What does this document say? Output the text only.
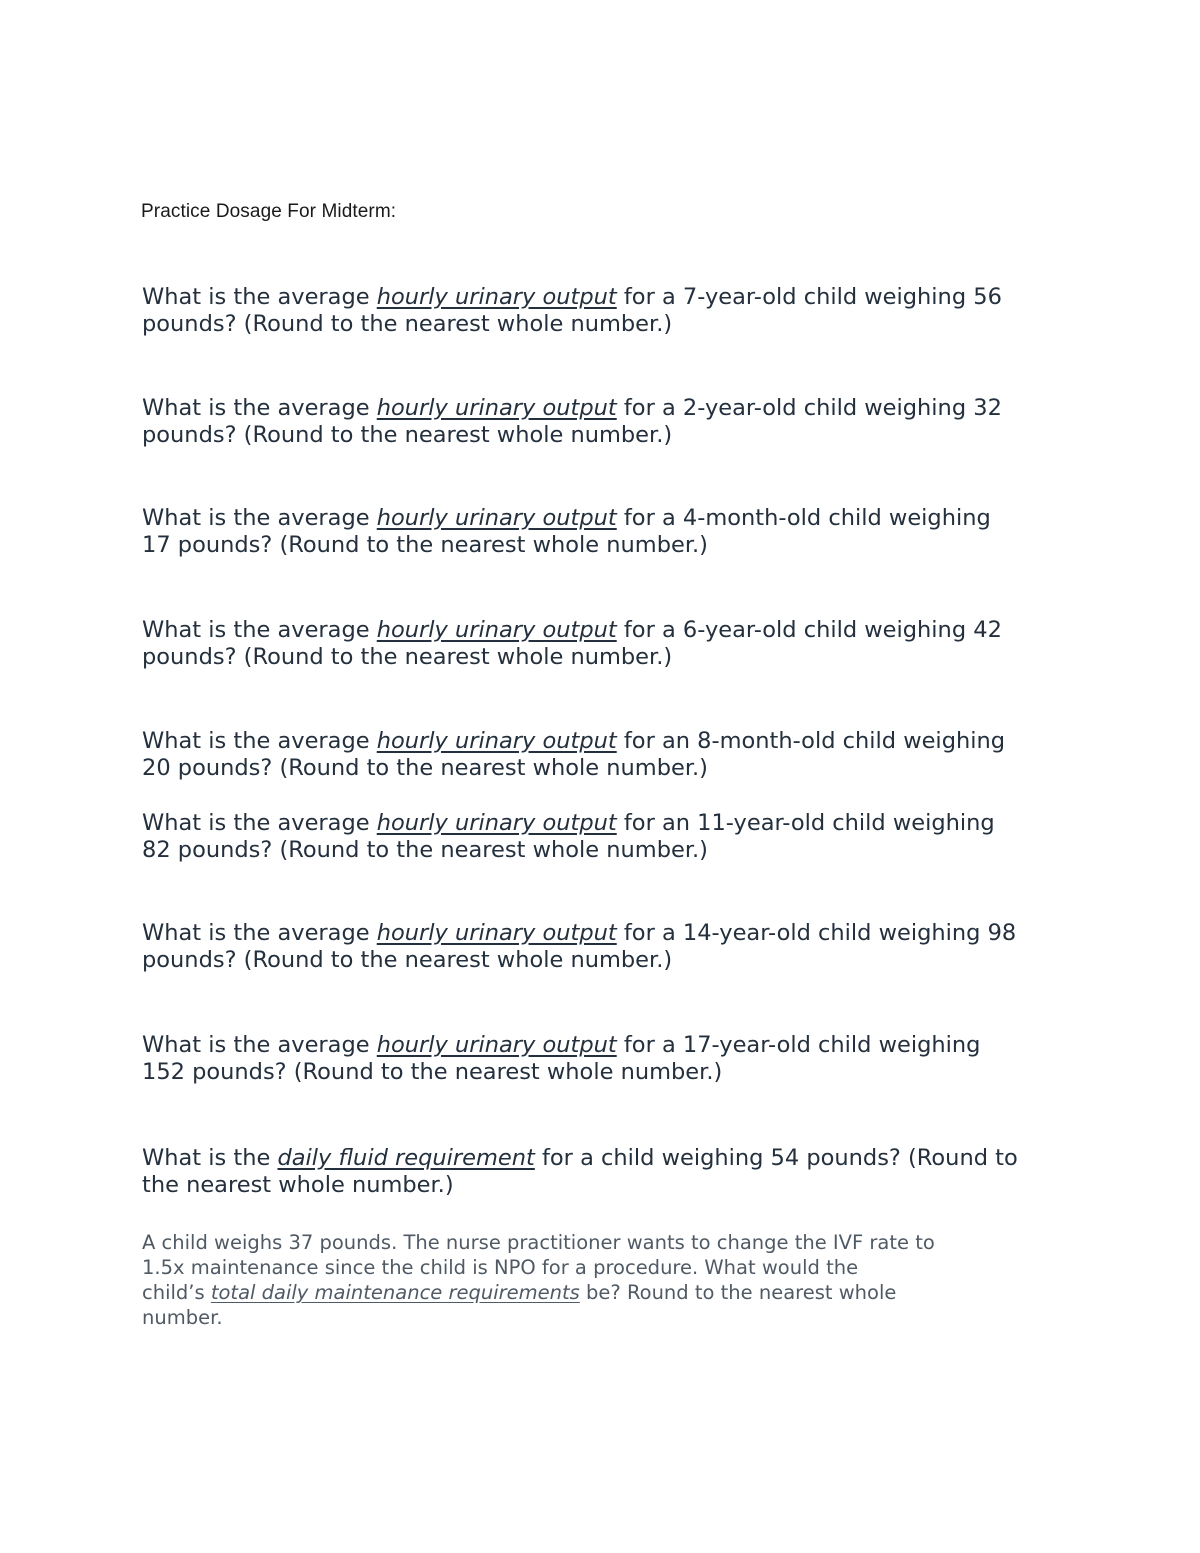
Practice Dosage For Midterm:

What is the average hourly urinary output for a 7-year-old child weighing 56
pounds? (Round to the nearest whole number.)

What is the average hourly urinary output for a 2-year-old child weighing 32
pounds? (Round to the nearest whole number.)

What is the average hourly urinary output for a 4-month-old child weighing
17 pounds? (Round to the nearest whole number.)

What is the average hourly urinary output for a 6-year-old child weighing 42
pounds? (Round to the nearest whole number.)

What is the average hourly urinary output for an 8-month-old child weighing
20 pounds? (Round to the nearest whole number.)

What is the average hourly urinary output for an 11-year-old child weighing
82 pounds? (Round to the nearest whole number.)

What is the average hourly urinary output for a 14-year-old child weighing 98
pounds? (Round to the nearest whole number.)

What is the average hourly urinary output for a 17-year-old child weighing
152 pounds? (Round to the nearest whole number.)

What is the daily fluid requirement for a child weighing 54 pounds? (Round to
the nearest whole number.)

A child weighs 37 pounds. The nurse practitioner wants to change the IVF rate to
1.5x maintenance since the child is NPO for a procedure. What would the
child’s total daily maintenance requirements be? Round to the nearest whole
number.
